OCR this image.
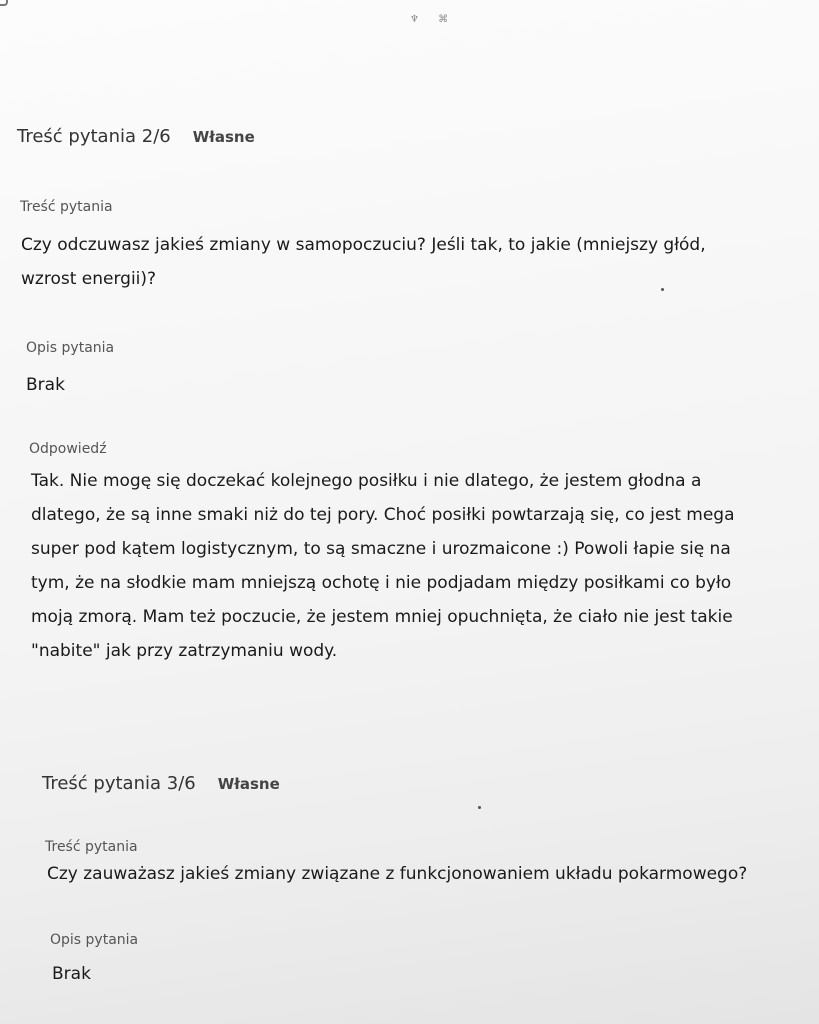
♆ ⌘
Treść pytania 2/6 Własne
Treść pytania
Czy odczuwasz jakieś zmiany w samopoczuciu? Jeśli tak, to jakie (mniejszy głód,
wzrost energii)?
Opis pytania
Brak
Odpowiedź
Tak. Nie mogę się doczekać kolejnego posiłku i nie dlatego, że jestem głodna a
dlatego, że są inne smaki niż do tej pory. Choć posiłki powtarzają się, co jest mega
super pod kątem logistycznym, to są smaczne i urozmaicone :) Powoli łapie się na
tym, że na słodkie mam mniejszą ochotę i nie podjadam między posiłkami co było
moją zmorą. Mam też poczucie, że jestem mniej opuchnięta, że ciało nie jest takie
"nabite" jak przy zatrzymaniu wody.
Treść pytania 3/6 Własne
Treść pytania
Czy zauważasz jakieś zmiany związane z funkcjonowaniem układu pokarmowego?
Opis pytania
Brak
